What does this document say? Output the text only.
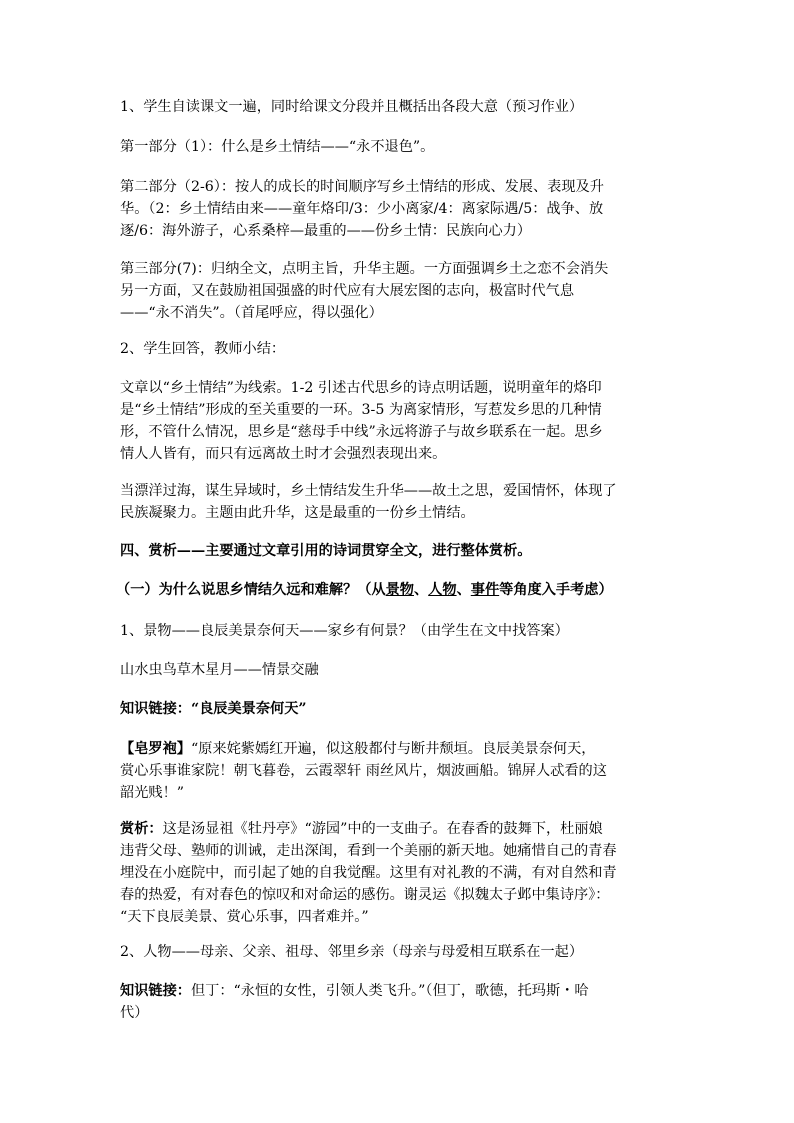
1、学生自读课文一遍，同时给课文分段并且概括出各段大意（预习作业）

第一部分（1）：什么是乡土情结——“永不退色”。

第二部分（2-6）：按人的成长的时间顺序写乡土情结的形成、发展、表现及升
华。（2：乡土情结由来——童年烙印/3：少小离家/4：离家际遇/5：战争、放
逐/6：海外游子，心系桑梓—最重的——份乡土情：民族向心力）

第三部分(7)：归纳全文，点明主旨，升华主题。一方面强调乡土之恋不会消失
另一方面，又在鼓励祖国强盛的时代应有大展宏图的志向，极富时代气息
——“永不消失”。（首尾呼应，得以强化）

2、学生回答，教师小结：

文章以“乡土情结”为线索。1-2 引述古代思乡的诗点明话题，说明童年的烙印
是“乡土情结”形成的至关重要的一环。3-5 为离家情形，写惹发乡思的几种情
形，不管什么情况，思乡是“慈母手中线”永远将游子与故乡联系在一起。思乡
情人人皆有，而只有远离故土时才会强烈表现出来。

当漂洋过海，谋生异域时，乡土情结发生升华——故土之思，爱国情怀，体现了
民族凝聚力。主题由此升华，这是最重的一份乡土情结。

四、赏析——主要通过文章引用的诗词贯穿全文，进行整体赏析。

（一）为什么说思乡情结久远和难解？（从景物、人物、事件等角度入手考虑）

1、景物——良辰美景奈何天——家乡有何景？（由学生在文中找答案）

山水虫鸟草木星月——情景交融

知识链接：“良辰美景奈何天”

【皂罗袍】“原来姹紫嫣红开遍，似这般都付与断井颓垣。良辰美景奈何天，
赏心乐事谁家院！朝飞暮卷，云霞翠轩 雨丝风片，烟波画船。锦屏人忒看的这
韶光贱！”

赏析：这是汤显祖《牡丹亭》“游园”中的一支曲子。在春香的鼓舞下，杜丽娘
违背父母、塾师的训诫，走出深闺，看到一个美丽的新天地。她痛惜自己的青春
埋没在小庭院中，而引起了她的自我觉醒。这里有对礼教的不满，有对自然和青
春的热爱，有对春色的惊叹和对命运的感伤。谢灵运《拟魏太子邺中集诗序》：
“天下良辰美景、赏心乐事，四者难并。”

2、人物——母亲、父亲、祖母、邻里乡亲（母亲与母爱相互联系在一起）

知识链接：但丁：“永恒的女性，引领人类飞升。”（但丁，歌德，托玛斯・哈
代）
